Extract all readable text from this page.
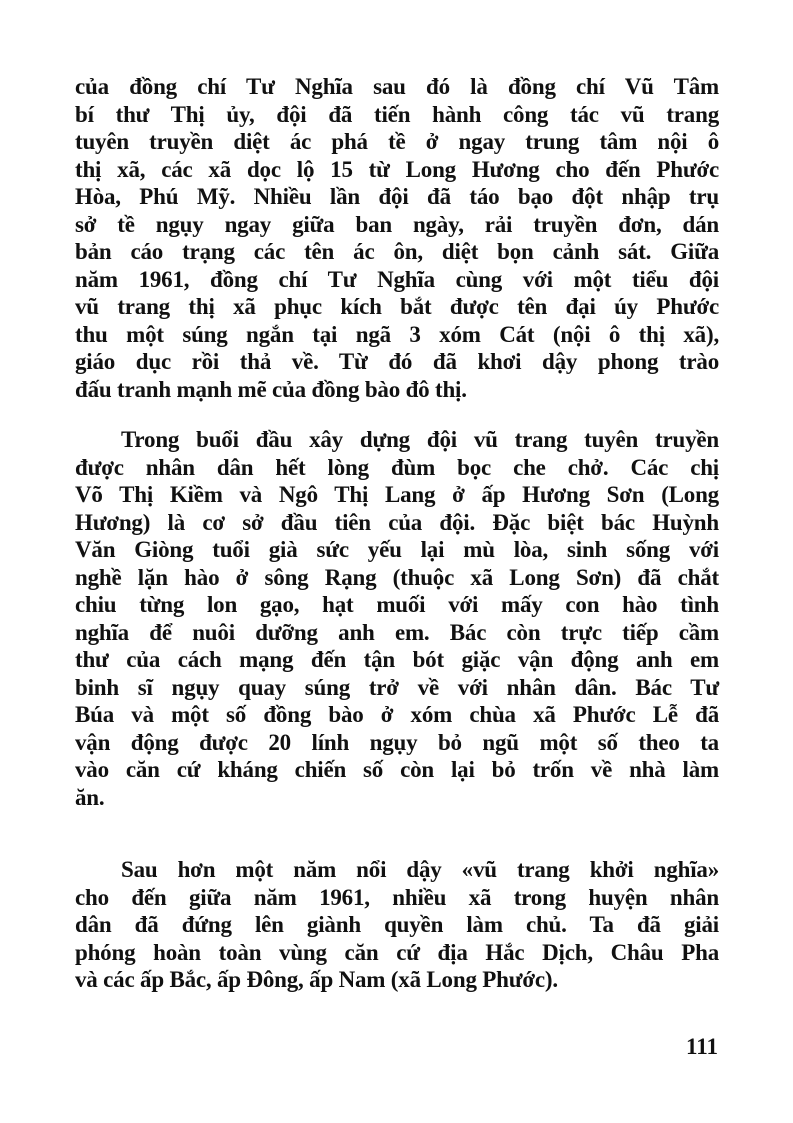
của đồng chí Tư Nghĩa sau đó là đồng chí Vũ Tâm
bí thư Thị ủy, đội đã tiến hành công tác vũ trang
tuyên truyền diệt ác phá tề ở ngay trung tâm nội ô
thị xã, các xã dọc lộ 15 từ Long Hương cho đến Phước
Hòa, Phú Mỹ. Nhiều lần đội đã táo bạo đột nhập trụ
sở tề ngụy ngay giữa ban ngày, rải truyền đơn, dán
bản cáo trạng các tên ác ôn, diệt bọn cảnh sát. Giữa
năm 1961, đồng chí Tư Nghĩa cùng với một tiểu đội
vũ trang thị xã phục kích bắt được tên đại úy Phước
thu một súng ngắn tại ngã 3 xóm Cát (nội ô thị xã),
giáo dục rồi thả về. Từ đó đã khơi dậy phong trào
đấu tranh mạnh mẽ của đồng bào đô thị.
Trong buổi đầu xây dựng đội vũ trang tuyên truyền
được nhân dân hết lòng đùm bọc che chở. Các chị
Võ Thị Kiềm và Ngô Thị Lang ở ấp Hương Sơn (Long
Hương) là cơ sở đầu tiên của đội. Đặc biệt bác Huỳnh
Văn Giòng tuổi già sức yếu lại mù lòa, sinh sống với
nghề lặn hào ở sông Rạng (thuộc xã Long Sơn) đã chắt
chiu từng lon gạo, hạt muối với mấy con hào tình
nghĩa để nuôi dưỡng anh em. Bác còn trực tiếp cầm
thư của cách mạng đến tận bót giặc vận động anh em
binh sĩ ngụy quay súng trở về với nhân dân. Bác Tư
Búa và một số đồng bào ở xóm chùa xã Phước Lễ đã
vận động được 20 lính ngụy bỏ ngũ một số theo ta
vào căn cứ kháng chiến số còn lại bỏ trốn về nhà làm
ăn.
Sau hơn một năm nổi dậy «vũ trang khởi nghĩa»
cho đến giữa năm 1961, nhiều xã trong huyện nhân
dân đã đứng lên giành quyền làm chủ. Ta đã giải
phóng hoàn toàn vùng căn cứ địa Hắc Dịch, Châu Pha
và các ấp Bắc, ấp Đông, ấp Nam (xã Long Phước).
111
